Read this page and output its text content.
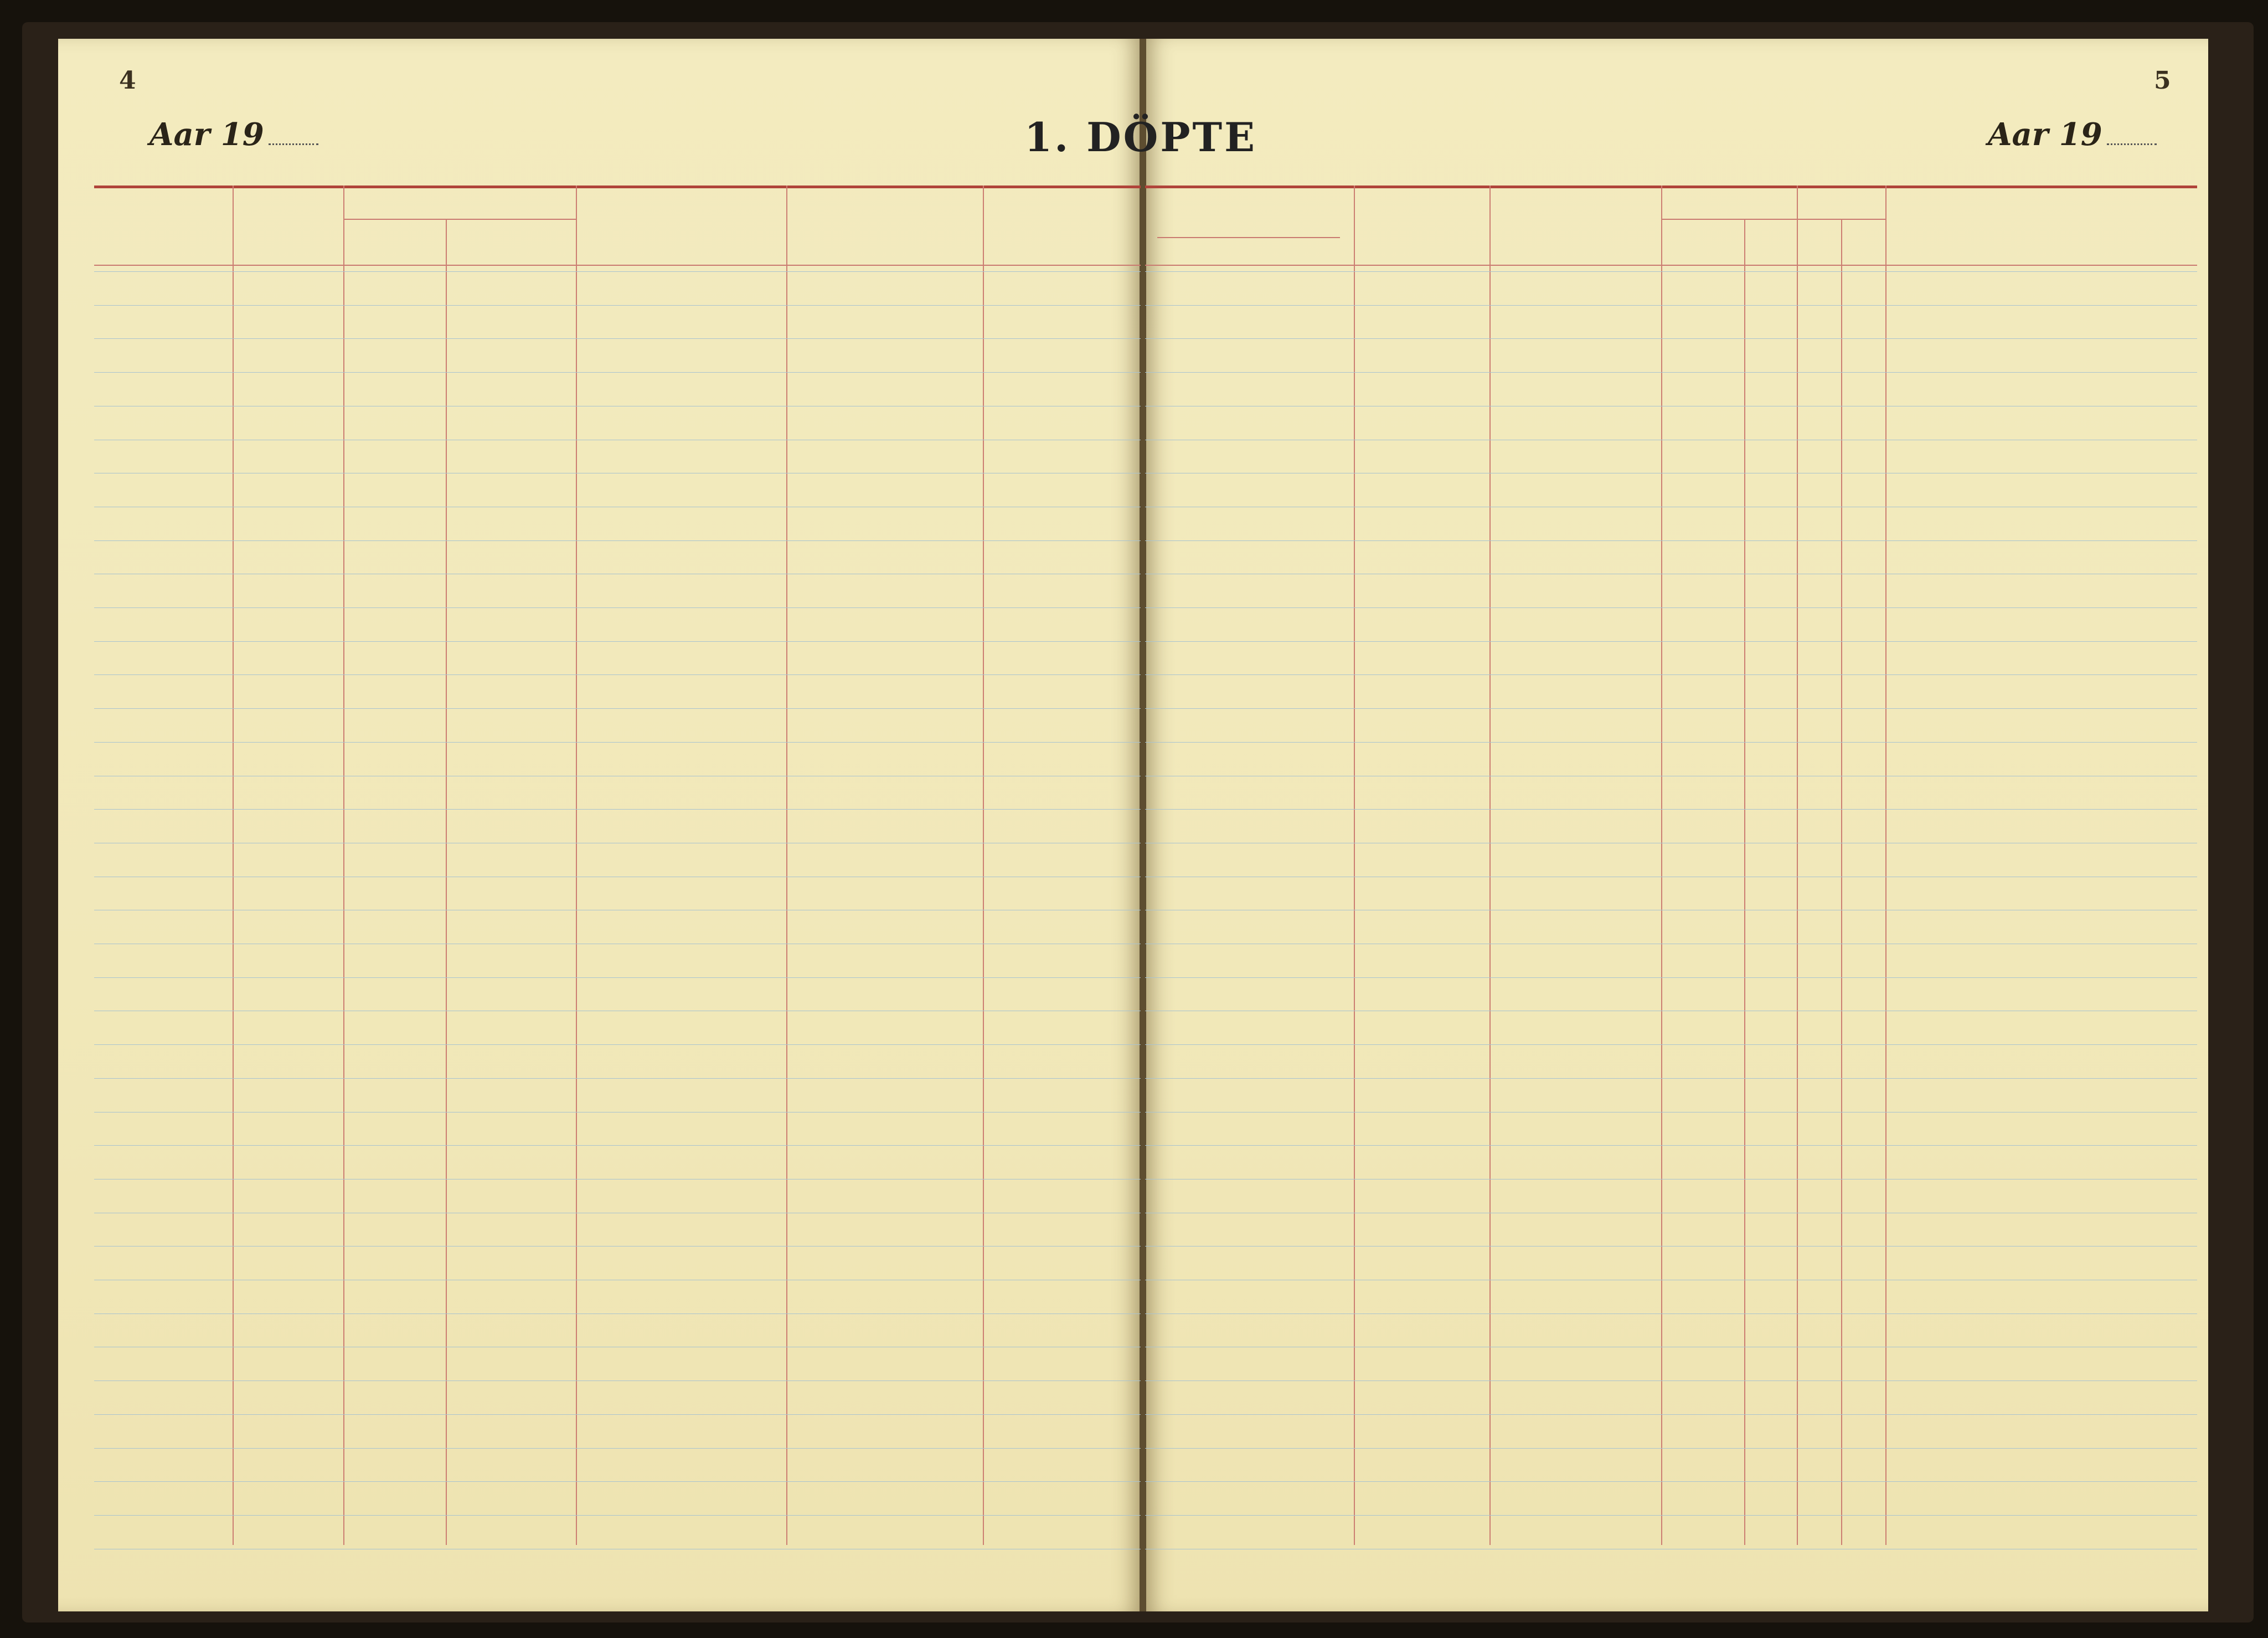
4	5
Aar 19	Aar 19
1. DÖPTE
